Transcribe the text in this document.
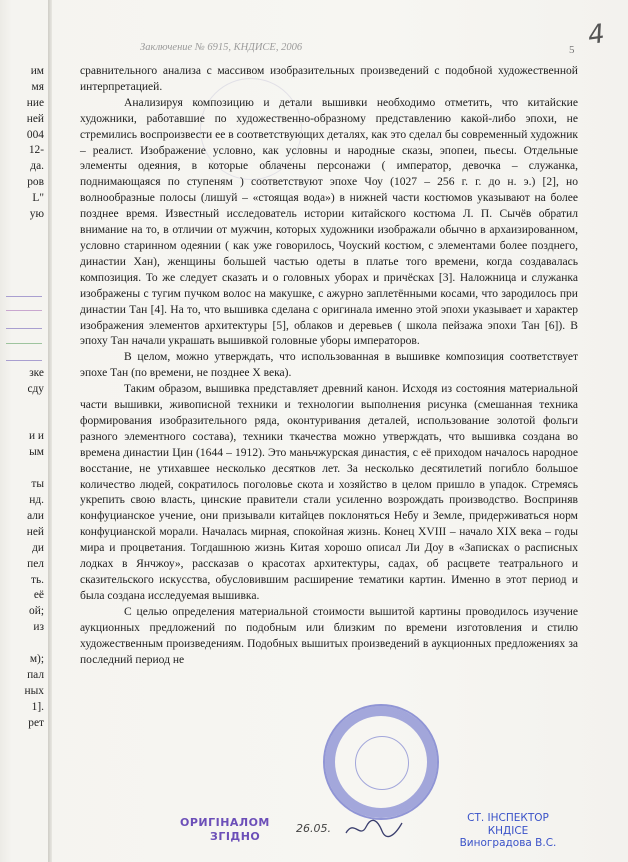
Заключение № 6915, КНДИСЕ, 2006	5 4
им
мя
ние
ней
004
12-
да.
ров
L"
ую
зке
сду
и и
ым
ты
нд.
али
ней
ди
пел
ть.
её
ой;
из
м);
пал
ных
1].
рет

сравнительного анализа с массивом изобразительных произведений с подобной художественной интерпретацией.

Анализируя композицию и детали вышивки необходимо отметить, что китайские художники, работавшие по художественно-образному представлению какой-либо эпохи, не стремились воспроизвести ее в соответствующих деталях, как это сделал бы современный художник – реалист. Изображение условно, как условны и народные сказы, эпопеи, пьесы. Отдельные элементы одеяния, в которые облачены персонажи ( император, девочка – служанка, поднимающаяся по ступеням ) соответствуют эпохе Чоу (1027 – 256 г. г. до н. э.) [2], но волнообразные полосы (лишуй – «стоящая вода») в нижней части костюмов указывают на более позднее время. Известный исследователь истории китайского костюма Л. П. Сычёв обратил внимание на то, в отличии от мужчин, которых художники изображали обычно в архаизированном, условно старинном одеянии ( как уже говорилось, Чоуский костюм, с элементами более позднего, династии Хан), женщины большей частью одеты в платье того времени, когда создавалась композиция. То же следует сказать и о головных уборах и причёсках [3]. Наложница и служанка изображены с тугим пучком волос на макушке, с ажурно заплетёнными косами, что зародилось при династии Тан [4]. На то, что вышивка сделана с оригинала именно этой эпохи указывает и характер изображения элементов архитектуры [5], облаков и деревьев ( школа пейзажа эпохи Тан [6]). В эпоху Тан начали украшать вышивкой головные уборы императоров.

В целом, можно утверждать, что использованная в вышивке композиция соответствует эпохе Тан (по времени, не позднее Х века).

Таким образом, вышивка представляет древний канон. Исходя из состояния материальной части вышивки, живописной техники и технологии выполнения рисунка (смешанная техника формирования изобразительного ряда, оконтуривания деталей, использование золотой фольги разного элементного состава), техники ткачества можно утверждать, что вышивка создана во времена династии Цин (1644 – 1912). Это маньчжурская династия, с её приходом началось народное восстание, не утихавшее несколько десятков лет. За несколько десятилетий погибло большое количество людей, сократилось поголовье скота и хозяйство в целом пришло в упадок. Стремясь укрепить свою власть, цинские правители стали усиленно возрождать производство. Восприняв конфуцианское учение, они призывали китайцев поклоняться Небу и Земле, придерживаться норм конфуцианской морали. Началась мирная, спокойная жизнь. Конец XVIII – начало XIX века – годы мира и процветания. Тогдашнюю жизнь Китая хорошо описал Ли Доу в «Записках о расписных лодках в Янчжоу», рассказав о красотах архитектуры, садах, об расцвете театрального и сказительского искусства, обусловившим расширение тематики картин. Именно в этот период и была создана исследуемая вышивка.

С целью определения материальной стоимости вышитой картины проводилось изучение аукционных предложений по подобным или близким по времени изготовления и стилю художественным произведениям. Подобных вышитых произведений в аукционных предложениях за последний период не

ОРИГІНАЛОМ
ЗГІДНО
26.05.
СТ. ІНСПЕКТОР
КНДІСЕ
Виноградова В.С.
